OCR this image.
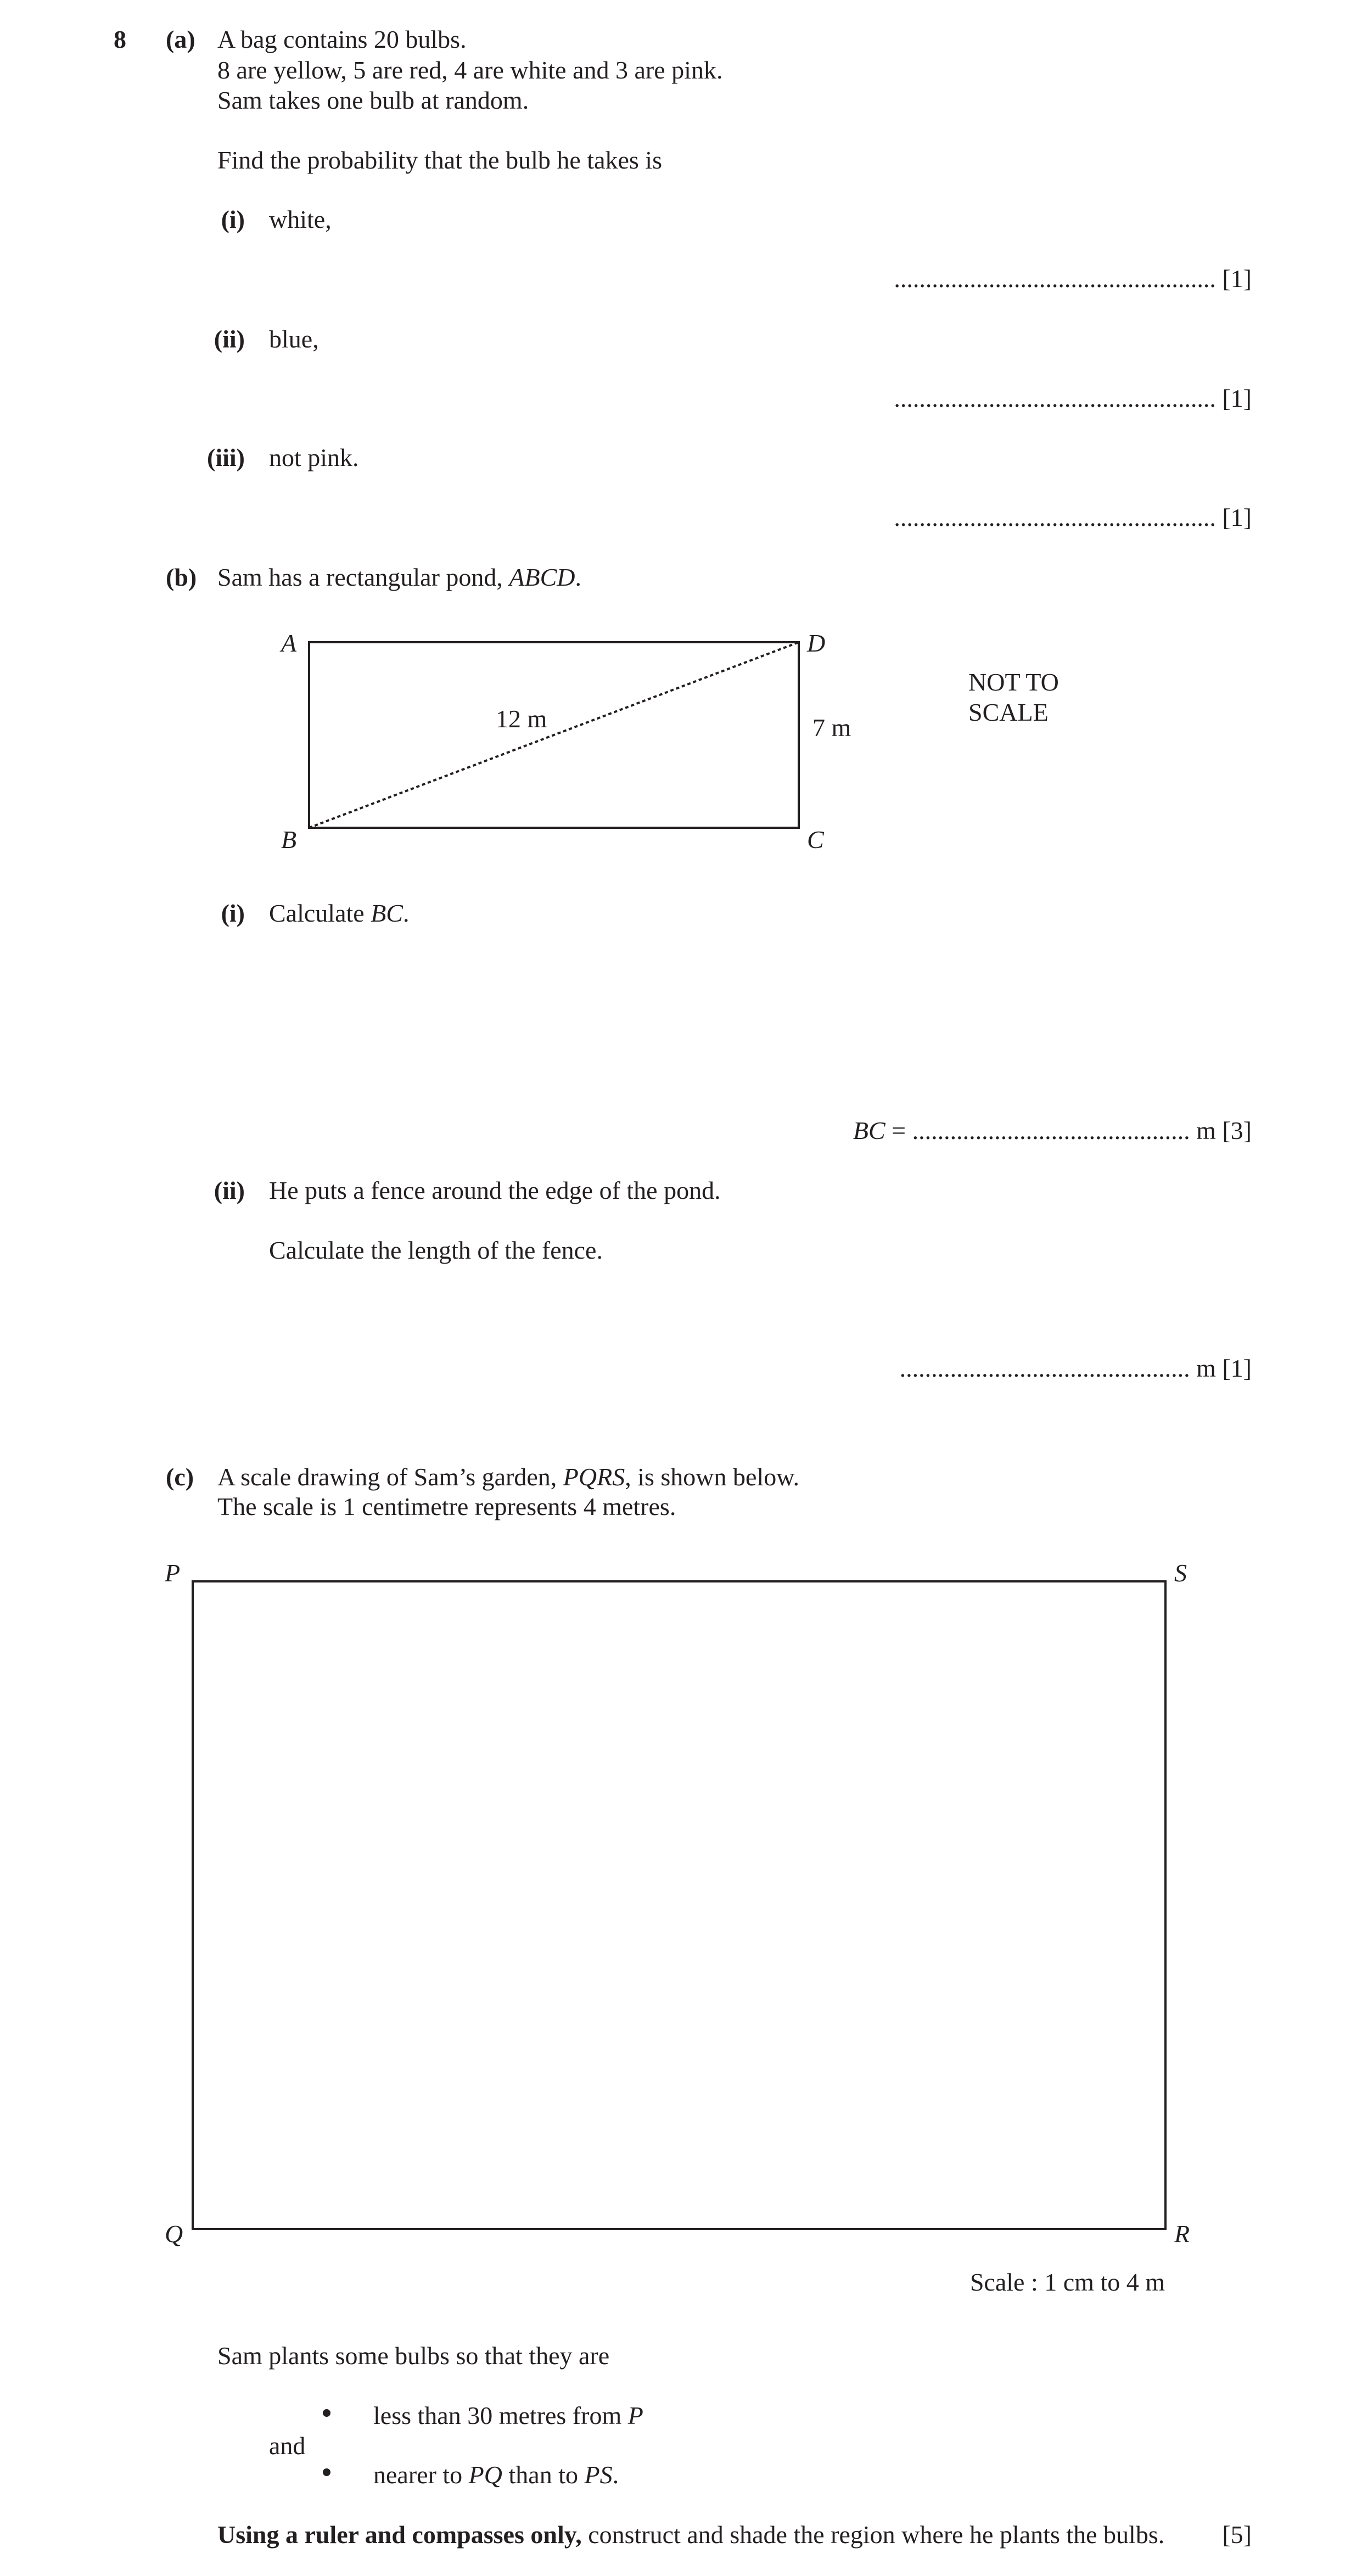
8 (a) A bag contains 20 bulbs.
8 are yellow, 5 are red, 4 are white and 3 are pink.
Sam takes one bulb at random.
Find the probability that the bulb he takes is
(i) white,
................................................... [1]
(ii) blue,
................................................... [1]
(iii) not pink.
................................................... [1]
(b) Sam has a rectangular pond, ABCD.
A	D
B	C
12 m	7 m
NOT TO
SCALE
(i) Calculate BC.
BC = ............................................ m [3]
(ii) He puts a fence around the edge of the pond.
Calculate the length of the fence.
.............................................. m [1]
(c) A scale drawing of Sam’s garden, PQRS, is shown below.
The scale is 1 centimetre represents 4 metres.
P	S
Q	R
Scale : 1 cm to 4 m
Sam plants some bulbs so that they are
less than 30 metres from P
and
nearer to PQ than to PS.
Using a ruler and compasses only, construct and shade the region where he plants the bulbs.	[5]
